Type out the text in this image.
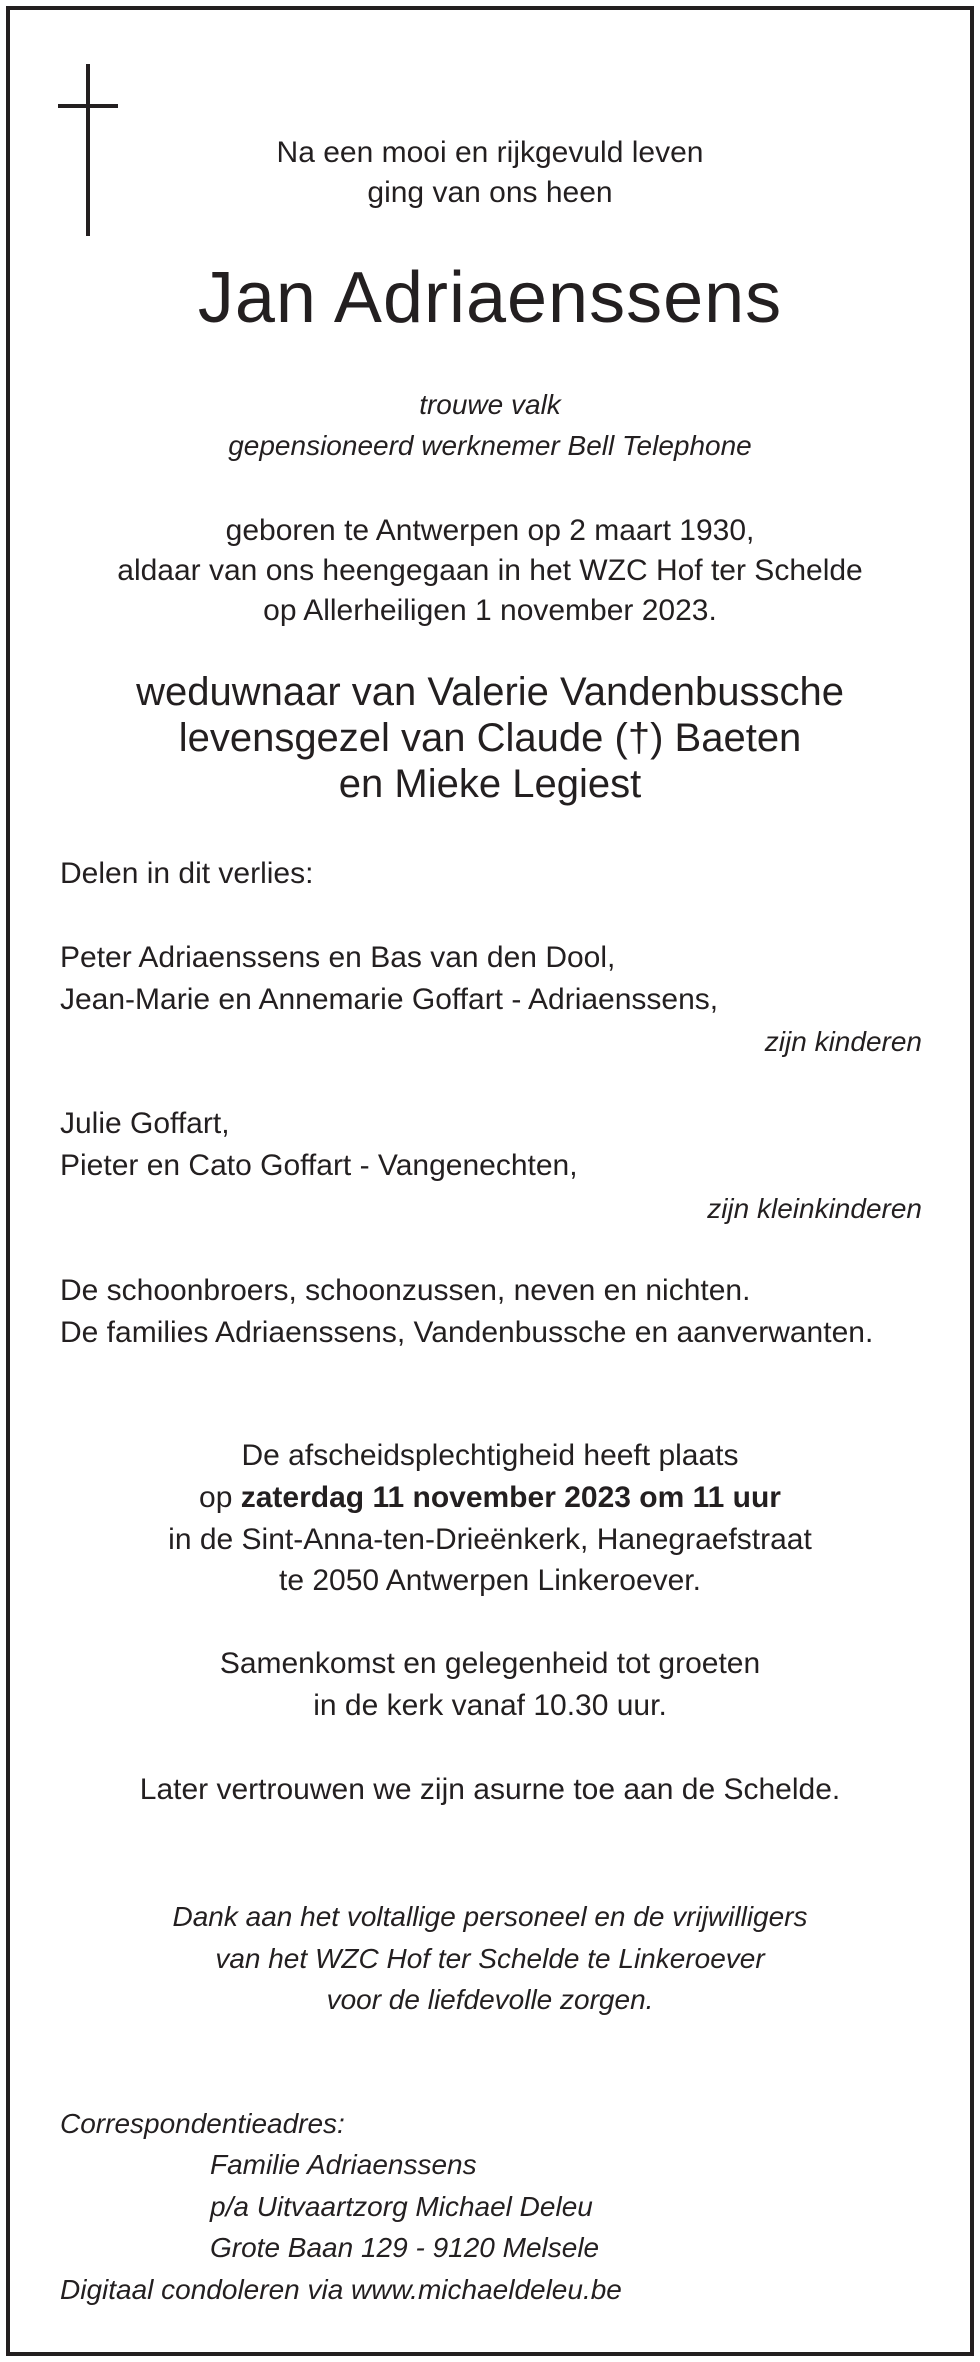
Na een mooi en rijkgevuld leven
ging van ons heen
Jan Adriaenssens
trouwe valk
gepensioneerd werknemer Bell Telephone
geboren te Antwerpen op 2 maart 1930,
aldaar van ons heengegaan in het WZC Hof ter Schelde
op Allerheiligen 1 november 2023.
weduwnaar van Valerie Vandenbussche
levensgezel van Claude (†) Baeten
en Mieke Legiest
Delen in dit verlies:
Peter Adriaenssens en Bas van den Dool,
Jean-Marie en Annemarie Goffart - Adriaenssens,
zijn kinderen
Julie Goffart,
Pieter en Cato Goffart - Vangenechten,
zijn kleinkinderen
De schoonbroers, schoonzussen, neven en nichten.
De families Adriaenssens, Vandenbussche en aanverwanten.
De afscheidsplechtigheid heeft plaats
op zaterdag 11 november 2023 om 11 uur
in de Sint-Anna-ten-Drieënkerk, Hanegraefstraat
te 2050 Antwerpen Linkeroever.
Samenkomst en gelegenheid tot groeten
in de kerk vanaf 10.30 uur.
Later vertrouwen we zijn asurne toe aan de Schelde.
Dank aan het voltallige personeel en de vrijwilligers
van het WZC Hof ter Schelde te Linkeroever
voor de liefdevolle zorgen.
Correspondentieadres:
Familie Adriaenssens
p/a Uitvaartzorg Michael Deleu
Grote Baan 129 - 9120 Melsele
Digitaal condoleren via www.michaeldeleu.be
